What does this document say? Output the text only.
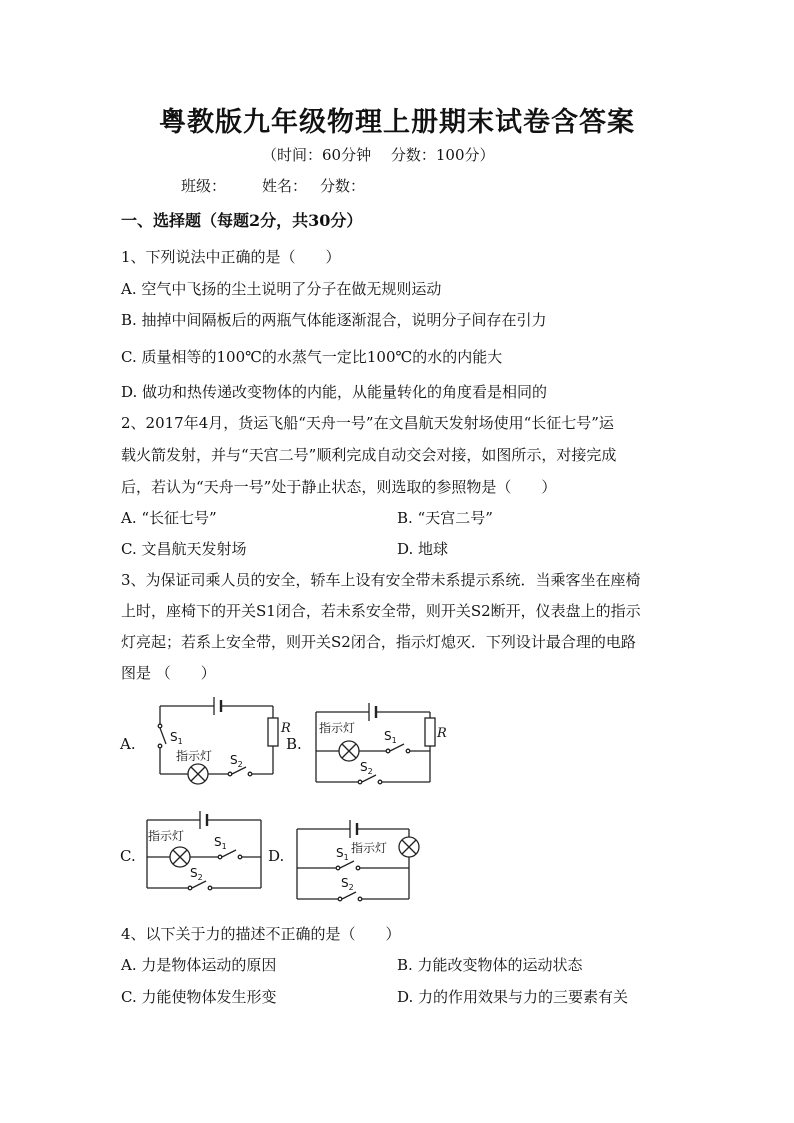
粤教版九年级物理上册期末试卷含答案
（时间：60分钟　 分数：100分）
班级： 姓名： 分数：
一、选择题（每题2分，共30分）
1、下列说法中正确的是（　　）
A. 空气中飞扬的尘土说明了分子在做无规则运动
B. 抽掉中间隔板后的两瓶气体能逐渐混合，说明分子间存在引力
C. 质量相等的100℃的水蒸气一定比100℃的水的内能大
D. 做功和热传递改变物体的内能，从能量转化的角度看是相同的
2、2017年4月，货运飞船“天舟一号”在文昌航天发射场使用“长征七号”运
载火箭发射，并与“天宫二号”顺利完成自动交会对接，如图所示，对接完成
后，若认为“天舟一号”处于静止状态，则选取的参照物是（　　）
A. “长征七号”	B. “天宫二号”
C. 文昌航天发射场	D. 地球
3、为保证司乘人员的安全，轿车上设有安全带未系提示系统．当乘客坐在座椅
上时，座椅下的开关S1闭合，若未系安全带，则开关S2断开，仪表盘上的指示
灯亮起；若系上安全带，则开关S2闭合，指示灯熄灭．下列设计最合理的电路
图是 （　　）
A.	B.
C.	D.
R
$S_1$
指示灯 $S_2$
R
指示灯
$S_1$
$S_2$
指示灯 $S_1$
$S_2$
$S_1$
指示灯
$S_2$
4、以下关于力的描述不正确的是（　　）
A. 力是物体运动的原因	B. 力能改变物体的运动状态
C. 力能使物体发生形变	D. 力的作用效果与力的三要素有关
